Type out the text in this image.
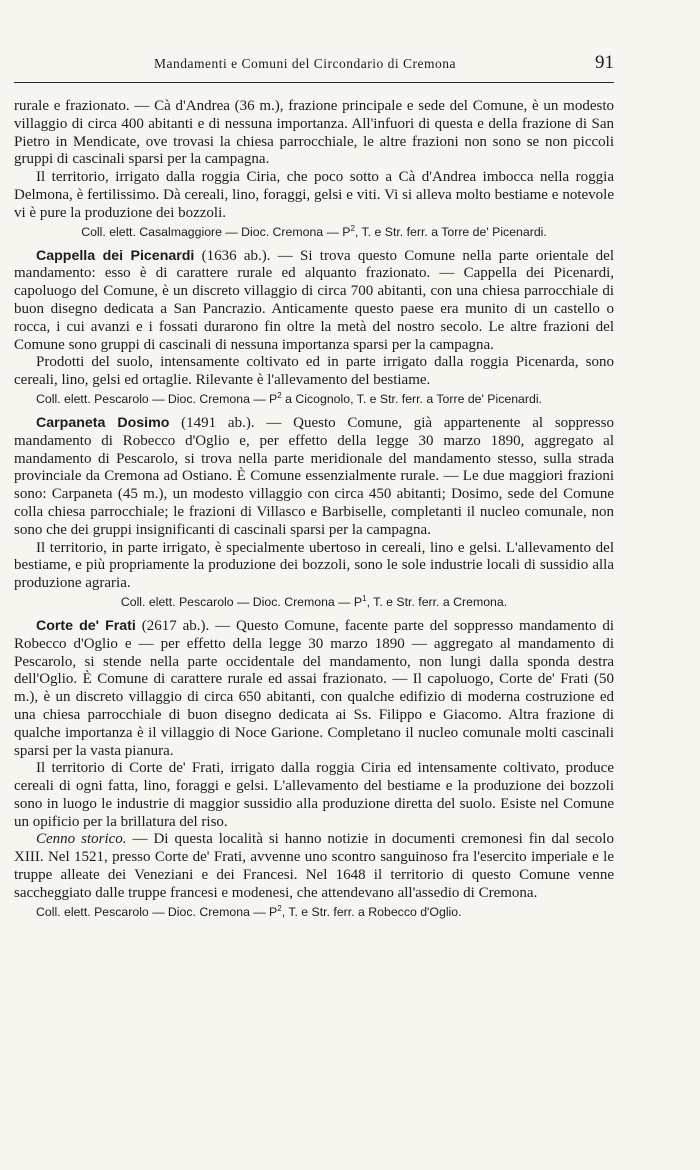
Mandamenti e Comuni del Circondario di Cremona	91

rurale e frazionato. — Cà d'Andrea (36 m.), frazione principale e sede del Comune, è un modesto villaggio di circa 400 abitanti e di nessuna importanza. All'infuori di questa e della frazione di San Pietro in Mendicate, ove trovasi la chiesa parrocchiale, le altre frazioni non sono se non piccoli gruppi di cascinali sparsi per la campagna.

Il territorio, irrigato dalla roggia Ciria, che poco sotto a Cà d'Andrea imbocca nella roggia Delmona, è fertilissimo. Dà cereali, lino, foraggi, gelsi e viti. Vi si alleva molto bestiame e notevole vi è pure la produzione dei bozzoli.

Coll. elett. Casalmaggiore — Dioc. Cremona — $P^2$, T. e Str. ferr. a Torre de' Picenardi.

Cappella dei Picenardi (1636 ab.). — Si trova questo Comune nella parte orientale del mandamento: esso è di carattere rurale ed alquanto frazionato. — Cappella dei Picenardi, capoluogo del Comune, è un discreto villaggio di circa 700 abitanti, con una chiesa parrocchiale di buon disegno dedicata a San Pancrazio. Anticamente questo paese era munito di un castello o rocca, i cui avanzi e i fossati durarono fin oltre la metà del nostro secolo. Le altre frazioni del Comune sono gruppi di cascinali di nessuna importanza sparsi per la campagna.

Prodotti del suolo, intensamente coltivato ed in parte irrigato dalla roggia Picenarda, sono cereali, lino, gelsi ed ortaglie. Rilevante è l'allevamento del bestiame.

Coll. elett. Pescarolo — Dioc. Cremona — $P^2$ a Cicognolo, T. e Str. ferr. a Torre de' Picenardi.

Carpaneta Dosimo (1491 ab.). — Questo Comune, già appartenente al soppresso mandamento di Robecco d'Oglio e, per effetto della legge 30 marzo 1890, aggregato al mandamento di Pescarolo, si trova nella parte meridionale del mandamento stesso, sulla strada provinciale da Cremona ad Ostiano. È Comune essenzialmente rurale. — Le due maggiori frazioni sono: Carpaneta (45 m.), un modesto villaggio con circa 450 abitanti; Dosimo, sede del Comune colla chiesa parrocchiale; le frazioni di Villasco e Barbiselle, completanti il nucleo comunale, non sono che dei gruppi insignificanti di cascinali sparsi per la campagna.

Il territorio, in parte irrigato, è specialmente ubertoso in cereali, lino e gelsi. L'allevamento del bestiame, e più propriamente la produzione dei bozzoli, sono le sole industrie locali di sussidio alla produzione agraria.

Coll. elett. Pescarolo — Dioc. Cremona — $P^1$, T. e Str. ferr. a Cremona.

Corte de' Frati (2617 ab.). — Questo Comune, facente parte del soppresso mandamento di Robecco d'Oglio e — per effetto della legge 30 marzo 1890 — aggregato al mandamento di Pescarolo, si stende nella parte occidentale del mandamento, non lungi dalla sponda destra dell'Oglio. È Comune di carattere rurale ed assai frazionato. — Il capoluogo, Corte de' Frati (50 m.), è un discreto villaggio di circa 650 abitanti, con qualche edifizio di moderna costruzione ed una chiesa parrocchiale di buon disegno dedicata ai Ss. Filippo e Giacomo. Altra frazione di qualche importanza è il villaggio di Noce Garione. Completano il nucleo comunale molti cascinali sparsi per la vasta pianura.

Il territorio di Corte de' Frati, irrigato dalla roggia Ciria ed intensamente coltivato, produce cereali di ogni fatta, lino, foraggi e gelsi. L'allevamento del bestiame e la produzione dei bozzoli sono in luogo le industrie di maggior sussidio alla produzione diretta del suolo. Esiste nel Comune un opificio per la brillatura del riso.

Cenno storico. — Di questa località si hanno notizie in documenti cremonesi fin dal secolo XIII. Nel 1521, presso Corte de' Frati, avvenne uno scontro sanguinoso fra l'esercito imperiale e le truppe alleate dei Veneziani e dei Francesi. Nel 1648 il territorio di questo Comune venne saccheggiato dalle truppe francesi e modenesi, che attendevano all'assedio di Cremona.

Coll. elett. Pescarolo — Dioc. Cremona — $P^2$, T. e Str. ferr. a Robecco d'Oglio.
